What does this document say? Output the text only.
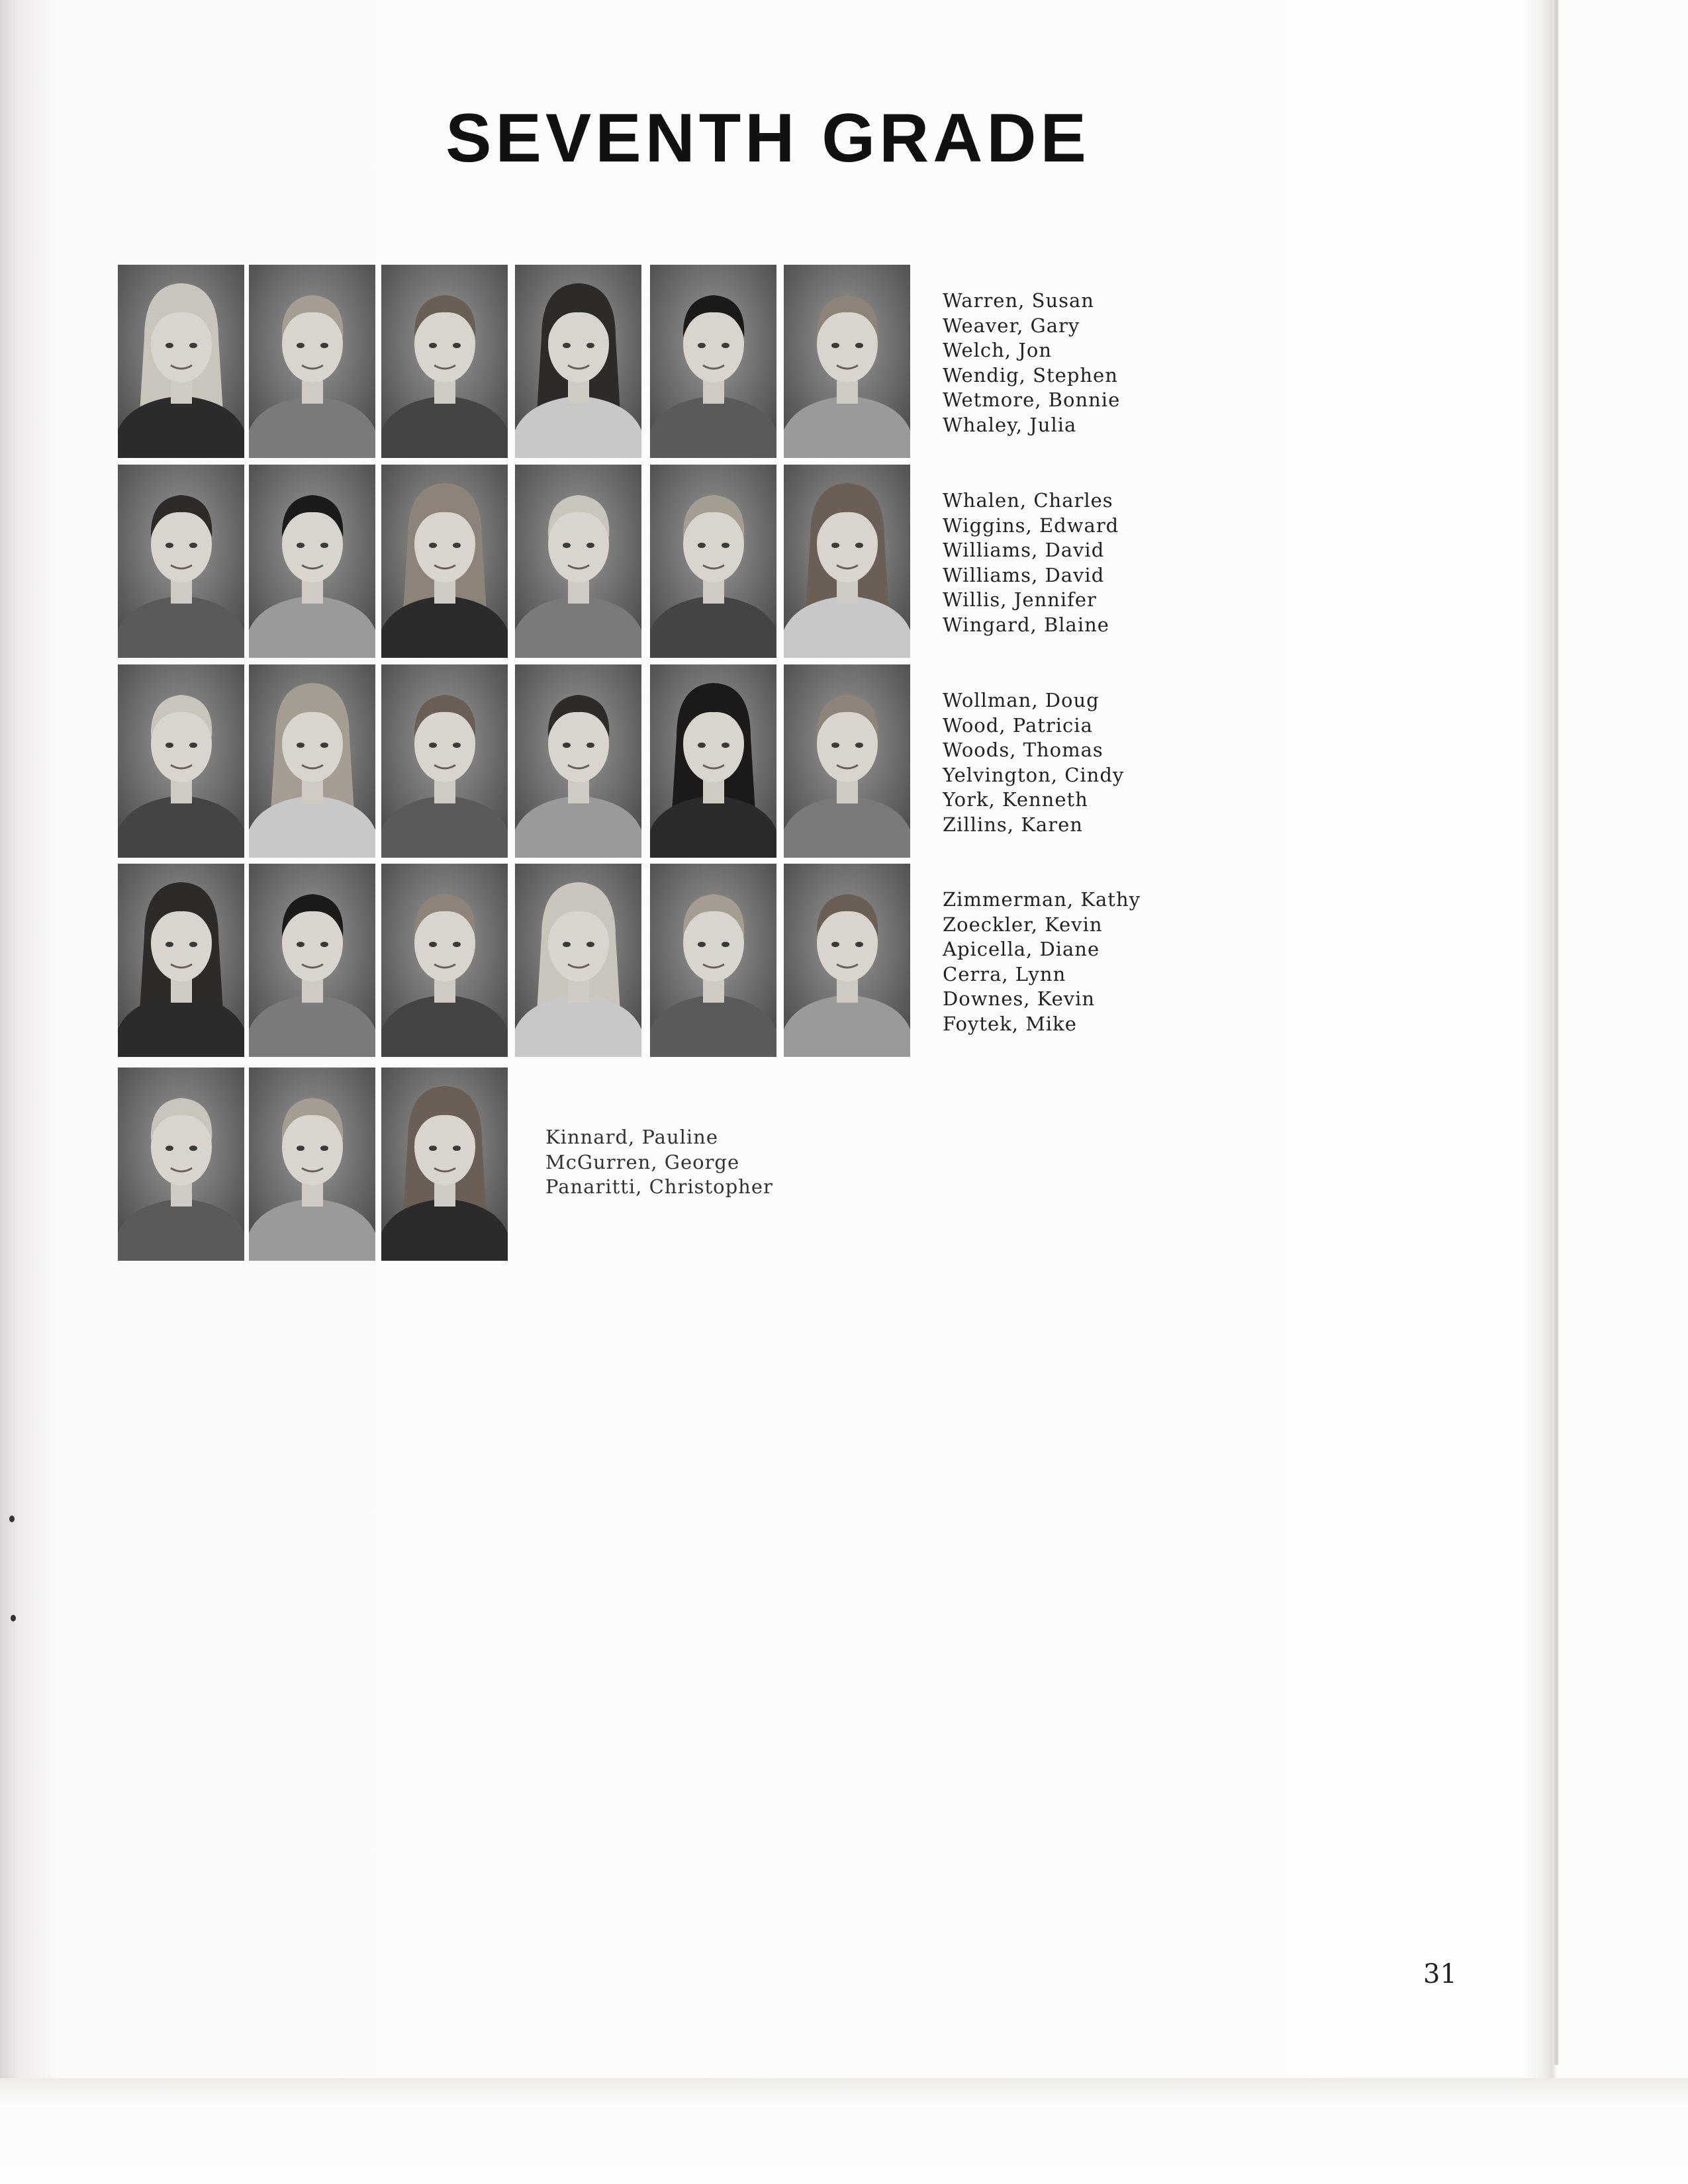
SEVENTH GRADE
Warren, Susan
Weaver, Gary
Welch, Jon
Wendig, Stephen
Wetmore, Bonnie
Whaley, Julia
Whalen, Charles
Wiggins, Edward
Williams, David
Williams, David
Willis, Jennifer
Wingard, Blaine
Wollman, Doug
Wood, Patricia
Woods, Thomas
Yelvington, Cindy
York, Kenneth
Zillins, Karen
Zimmerman, Kathy
Zoeckler, Kevin
Apicella, Diane
Cerra, Lynn
Downes, Kevin
Foytek, Mike
Kinnard, Pauline
McGurren, George
Panaritti, Christopher
31
